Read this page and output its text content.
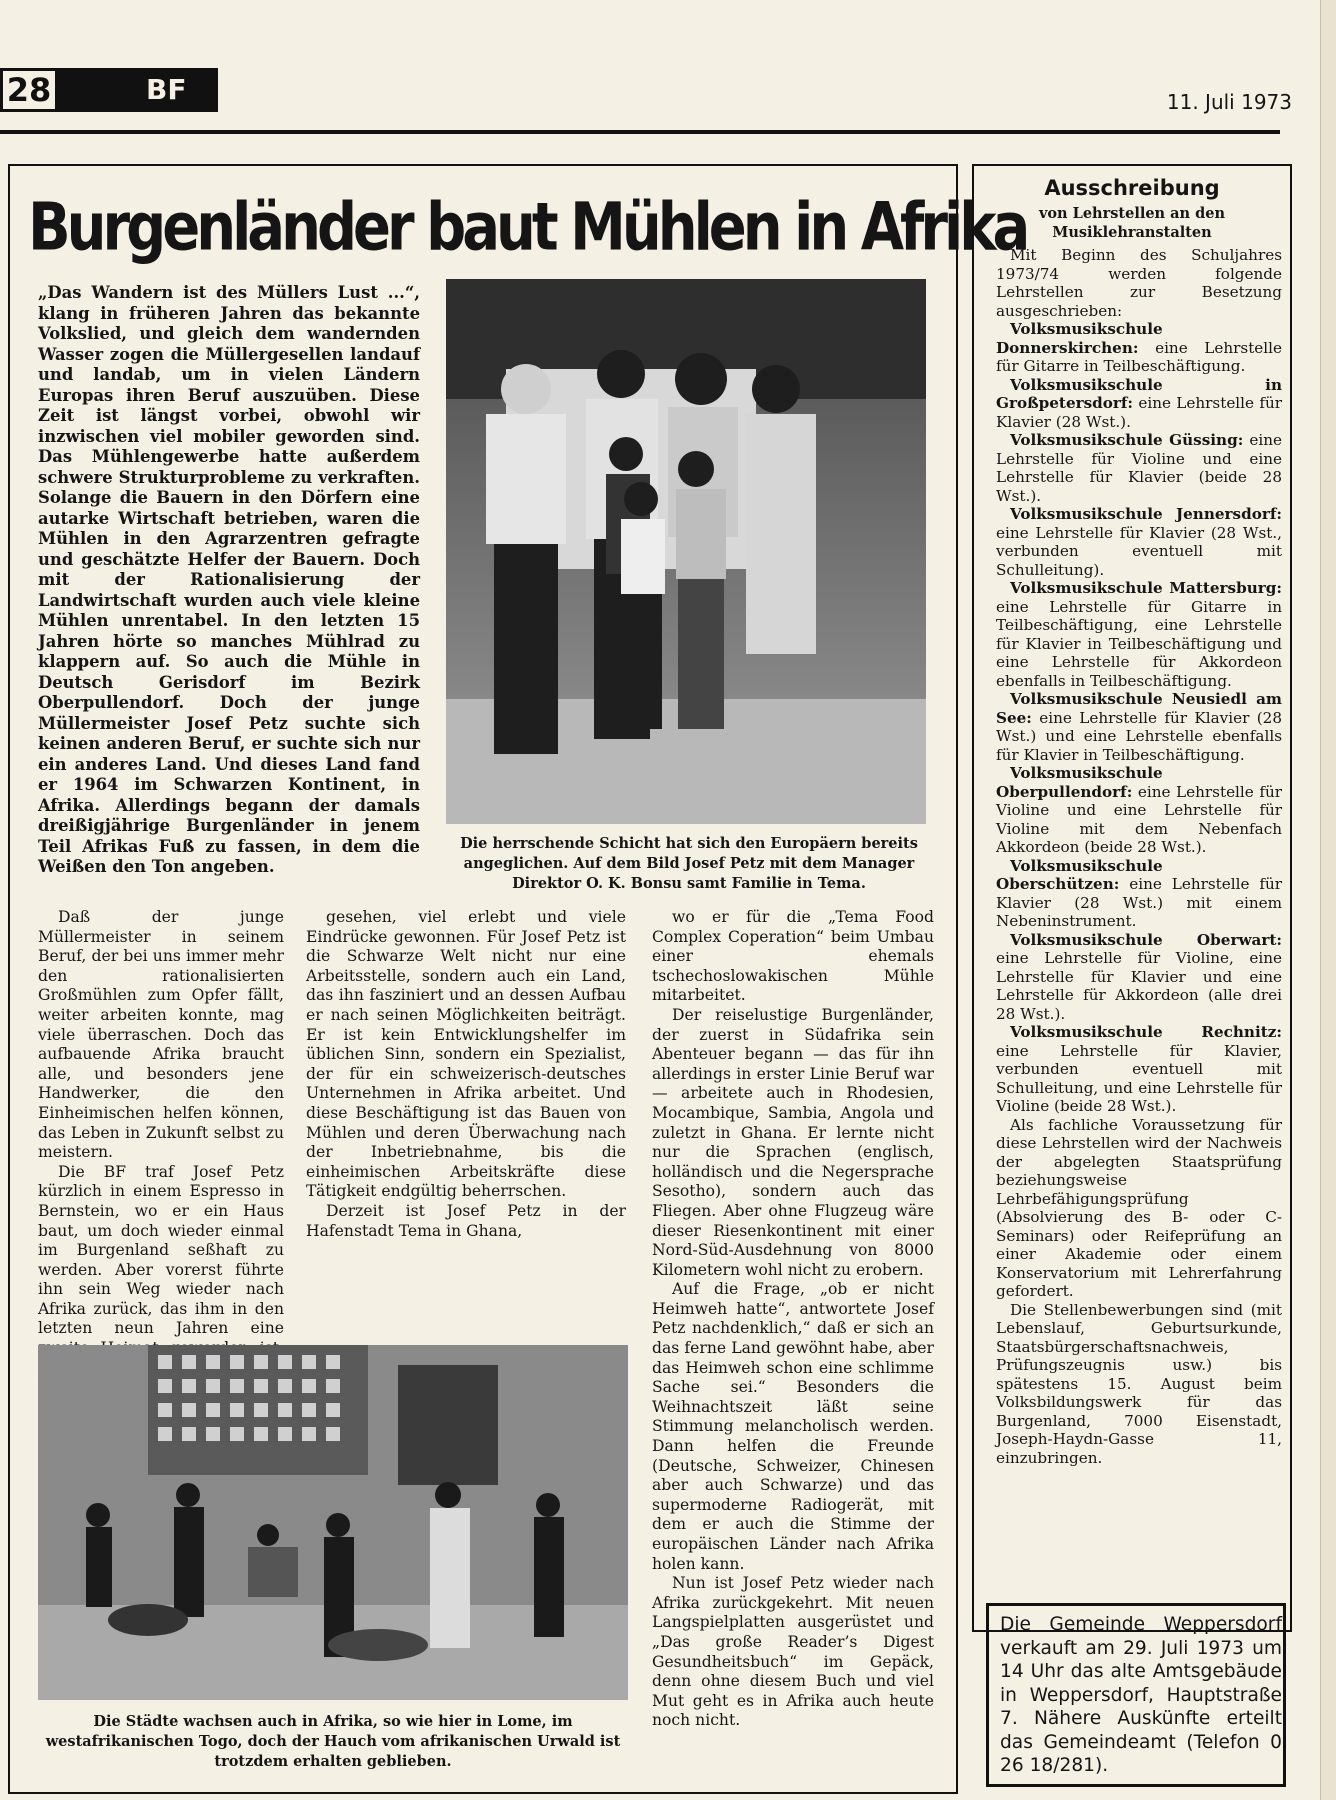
28	BF	11. Juli 1973
Burgenländer baut Mühlen in Afrika
„Das Wandern ist des Müllers Lust ...“, klang in früheren Jahren das bekannte Volkslied, und gleich dem wandernden Wasser zogen die Müllergesellen landauf und landab, um in vielen Ländern Europas ihren Beruf auszuüben. Diese Zeit ist längst vorbei, obwohl wir inzwischen viel mobiler geworden sind. Das Mühlengewerbe hatte außerdem schwere Strukturprobleme zu verkraften. Solange die Bauern in den Dörfern eine autarke Wirtschaft betrieben, waren die Mühlen in den Agrarzentren gefragte und geschätzte Helfer der Bauern. Doch mit der Rationalisierung der Landwirtschaft wurden auch viele kleine Mühlen unrentabel. In den letzten 15 Jahren hörte so manches Mühlrad zu klappern auf. So auch die Mühle in Deutsch Gerisdorf im Bezirk Oberpullendorf. Doch der junge Müllermeister Josef Petz suchte sich keinen anderen Beruf, er suchte sich nur ein anderes Land. Und dieses Land fand er 1964 im Schwarzen Kontinent, in Afrika. Allerdings begann der damals dreißigjährige Burgenländer in jenem Teil Afrikas Fuß zu fassen, in dem die Weißen den Ton angeben.
Die herrschende Schicht hat sich den Europäern bereits angeglichen. Auf dem Bild Josef Petz mit dem Manager Direktor O. K. Bonsu samt Familie in Tema.

Daß der junge Müllermeister in seinem Beruf, der bei uns immer mehr den rationalisierten Großmühlen zum Opfer fällt, weiter arbeiten konnte, mag viele überraschen. Doch das aufbauende Afrika braucht alle, und besonders jene Handwerker, die den Einheimischen helfen können, das Leben in Zukunft selbst zu meistern.

Die BF traf Josef Petz kürzlich in einem Espresso in Bernstein, wo er ein Haus baut, um doch wieder einmal im Burgenland seßhaft zu werden. Aber vorerst führte ihn sein Weg wieder nach Afrika zurück, das ihm in den letzten neun Jahren eine

gesehen, viel erlebt und viele Eindrücke gewonnen. Für Josef Petz ist die Schwarze Welt nicht nur eine Arbeitsstelle, sondern auch ein Land, das ihn fasziniert und an dessen Aufbau er nach seinen Möglichkeiten beiträgt. Er ist kein Entwicklungshelfer im üblichen Sinn, sondern ein Spezialist, der für ein schweizerisch-deutsches Unternehmen in Afrika arbeitet. Und diese Beschäftigung ist das Bauen von Mühlen und deren Überwachung nach der Inbetriebnahme, bis die einheimischen Arbeitskräfte diese Tätigkeit endgültig beherrschen.

Derzeit ist Josef Petz in der Hafenstadt Tema in Ghana,

wo er für die „Tema Food Complex Coperation“ beim Umbau einer ehemals tschechoslowakischen Mühle mitarbeitet.

Der reiselustige Burgenländer, der zuerst in Südafrika sein Abenteuer begann — das für ihn allerdings in erster Linie Beruf war — arbeitete auch in Rhodesien, Mocambique, Sambia, Angola und zuletzt in Ghana. Er lernte nicht nur die Sprachen (englisch, holländisch und die Negersprache Sesotho), sondern auch das Fliegen. Aber ohne Flugzeug wäre dieser Riesenkontinent mit einer Nord-Süd-Ausdehnung von 8000 Kilometern wohl nicht zu erobern.

Auf die Frage, „ob er nicht Heimweh hatte“, antwortete Josef Petz nachdenklich,“ daß er sich an das ferne Land gewöhnt habe, aber das Heimweh schon eine schlimme Sache sei.“ Besonders die Weihnachtszeit läßt seine Stimmung melancholisch werden. Dann helfen die Freunde (Deutsche, Schweizer, Chinesen aber auch Schwarze) und das supermoderne Radiogerät, mit dem er auch die Stimme der europäischen Länder nach Afrika holen kann.

Nun ist Josef Petz wieder nach Afrika zurückgekehrt. Mit neuen Langspielplatten ausgerüstet und „Das große Reader’s Digest Gesundheitsbuch“ im Gepäck, denn ohne diesem Buch und viel Mut geht es in Afrika auch heute noch nicht.

Die Städte wachsen auch in Afrika, so wie hier in Lome, im westafrikanischen Togo, doch der Hauch vom afrikanischen Urwald ist trotzdem erhalten geblieben.
Ausschreibung
von Lehrstellen an den Musiklehranstalten

Mit Beginn des Schuljahres 1973/74 werden folgende Lehrstellen zur Besetzung ausgeschrieben:

Volksmusikschule Donnerskirchen: eine Lehrstelle für Gitarre in Teilbeschäftigung.

Volksmusikschule in Großpetersdorf: eine Lehrstelle für Klavier (28 Wst.).

Volksmusikschule Güssing: eine Lehrstelle für Violine und eine Lehrstelle für Klavier (beide 28 Wst.).

Volksmusikschule Jennersdorf: eine Lehrstelle für Klavier (28 Wst., verbunden eventuell mit Schulleitung).

Volksmusikschule Mattersburg: eine Lehrstelle für Gitarre in Teilbeschäftigung, eine Lehrstelle für Klavier in Teilbeschäftigung und eine Lehrstelle für Akkordeon ebenfalls in Teilbeschäftigung.

Volksmusikschule Neusiedl am See: eine Lehrstelle für Klavier (28 Wst.) und eine Lehrstelle ebenfalls für Klavier in Teilbeschäftigung.

Volksmusikschule Oberpullendorf: eine Lehrstelle für Violine und eine Lehrstelle für Violine mit dem Nebenfach Akkordeon (beide 28 Wst.).

Volksmusikschule Oberschützen: eine Lehrstelle für Klavier (28 Wst.) mit einem Nebeninstrument.

Volksmusikschule Oberwart: eine Lehrstelle für Violine, eine Lehrstelle für Klavier und eine Lehrstelle für Akkordeon (alle drei 28 Wst.).

Volksmusikschule Rechnitz: eine Lehrstelle für Klavier, verbunden eventuell mit Schulleitung, und eine Lehrstelle für Violine (beide 28 Wst.).

Als fachliche Voraussetzung für diese Lehrstellen wird der Nachweis der abgelegten Staatsprüfung beziehungsweise Lehrbefähigungsprüfung (Absolvierung des B- oder C-Seminars) oder Reifeprüfung an einer Akademie oder einem Konservatorium mit Lehrerfahrung gefordert.

Die Stellenbewerbungen sind (mit Lebenslauf, Geburtsurkunde, Staatsbürgerschaftsnachweis, Prüfungszeugnis usw.) bis spätestens 15. August beim Volksbildungswerk für das Burgenland, 7000 Eisenstadt, Joseph-Haydn-Gasse 11, einzubringen.

Die Gemeinde Weppersdorf verkauft am 29. Juli 1973 um 14 Uhr das alte Amtsgebäude in Weppersdorf, Hauptstraße 7. Nähere Auskünfte erteilt das Gemeindeamt (Telefon 0 26 18/281).
